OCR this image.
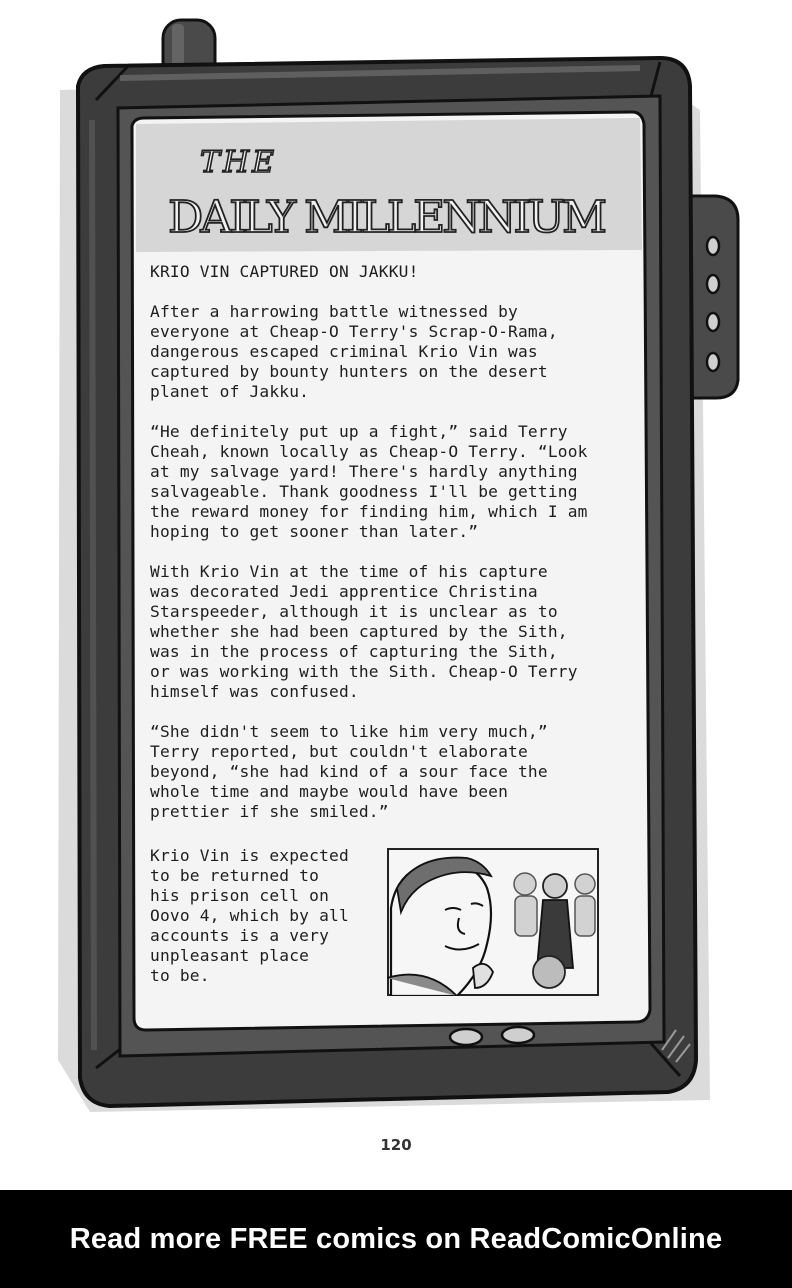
THE
DAILY MILLENNIUM

KRIO VIN CAPTURED ON JAKKU!

After a harrowing battle witnessed by
everyone at Cheap-O Terry's Scrap-O-Rama,
dangerous escaped criminal Krio Vin was
captured by bounty hunters on the desert
planet of Jakku.

“He definitely put up a fight,” said Terry
Cheah, known locally as Cheap-O Terry. “Look
at my salvage yard! There's hardly anything
salvageable. Thank goodness I'll be getting
the reward money for finding him, which I am
hoping to get sooner than later.”

With Krio Vin at the time of his capture
was decorated Jedi apprentice Christina
Starspeeder, although it is unclear as to
whether she had been captured by the Sith,
was in the process of capturing the Sith,
or was working with the Sith. Cheap-O Terry
himself was confused.

“She didn't seem to like him very much,”
Terry reported, but couldn't elaborate
beyond, “she had kind of a sour face the
whole time and maybe would have been
prettier if she smiled.”

Krio Vin is expected
to be returned to
his prison cell on
Oovo 4, which by all
accounts is a very
unpleasant place
to be.
120
Read more FREE comics on ReadComicOnline
